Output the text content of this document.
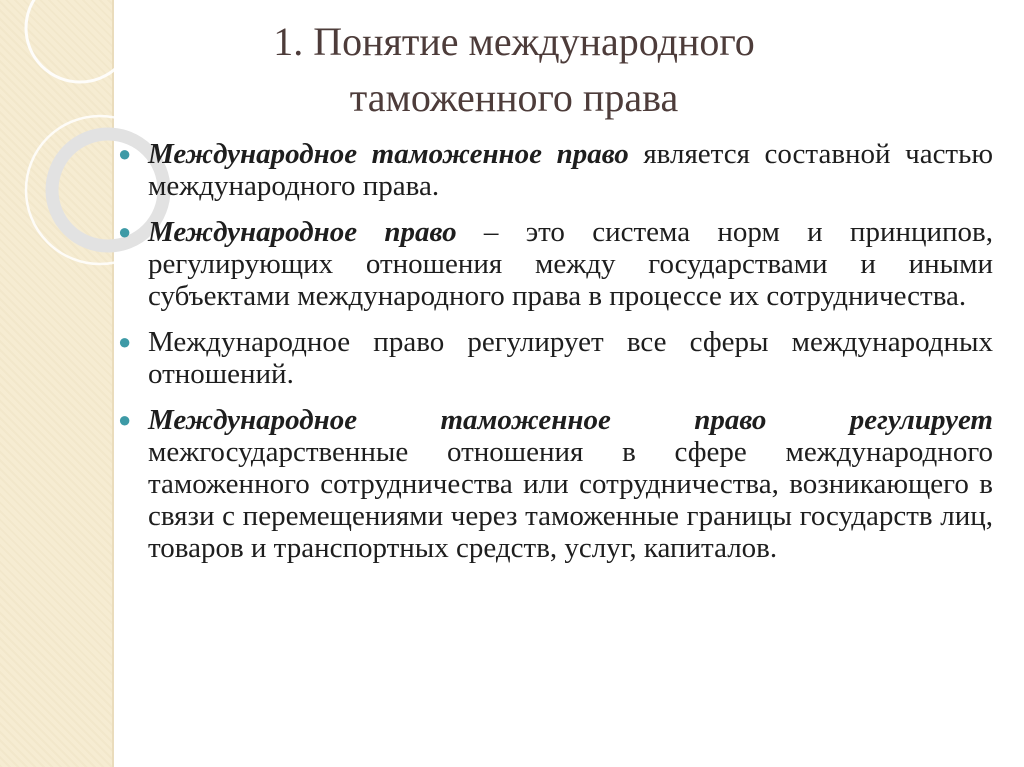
1. Понятие международного
таможенного права
● Международное таможенное право является составной частью международного права.
● Международное право – это система норм и принципов, регулирующих отношения между государствами и иными субъектами международного права в процессе их сотрудничества.
● Международное право регулирует все сферы международных отношений.
● Международное таможенное право регулирует межгосударственные отношения в сфере международного таможенного сотрудничества или сотрудничества, возникающего в связи с перемещениями через таможенные границы государств лиц, товаров и транспортных средств, услуг, капиталов.
